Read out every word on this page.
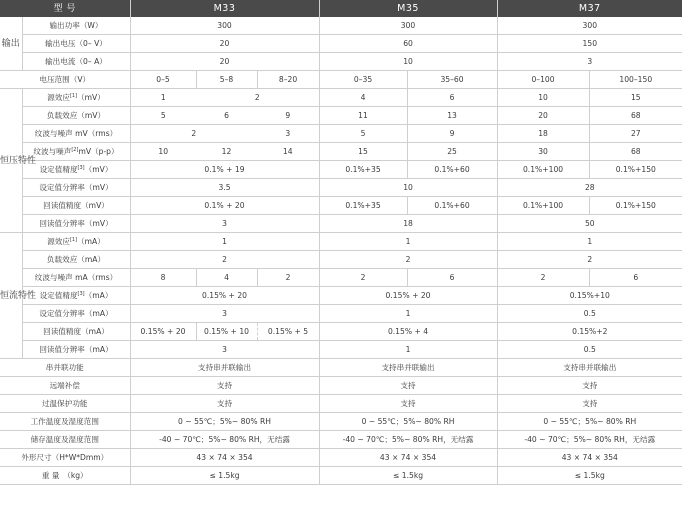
型 号		M33			M35		M37	
输出	输出功率（W）	300			300		300	
	输出电压（0– V）	20			60		150	
	输出电流（0– A）	20			10		3	
电压范围（V）		0–5	5–8	8–20	0–35	35–60	0–100	100–150
恒压特性	源效应[1]（mV）	1	2		4	6	10	15
	负载效应（mV）	5	6	9	11	13	20	68
	纹波与噪声 mV（rms）	2		3	5	9	18	27
	纹波与噪声[2]mV（p-p）	10	12	14	15	25	30	68
	设定值精度[3]（mV）	0.1% + 19			0.1%+35	0.1%+60	0.1%+100	0.1%+150
	设定值分辨率（mV）	3.5			10		28	
	回读值精度（mV）	0.1% + 20			0.1%+35	0.1%+60	0.1%+100	0.1%+150
	回读值分辨率（mV）	3			18		50	
恒流特性	源效应[1]（mA）	1			1		1	
	负载效应（mA）	2			2		2	
	纹波与噪声 mA（rms）	8	4	2	2	6	2	6
	设定值精度[3]（mA）	0.15% + 20			0.15% + 20		0.15%+10	
	设定值分辨率（mA）	3			1		0.5	
	回读值精度（mA）	0.15% + 20	0.15% + 10	0.15% + 5	0.15% + 4		0.15%+2	
	回读值分辨率（mA）	3			1		0.5	
串并联功能		支持串并联输出			支持串并联输出		支持串并联输出	
远端补偿		支持			支持		支持	
过温保护功能		支持			支持		支持	
工作温度及湿度范围		0 ~ 55℃；5%~ 80% RH			0 ~ 55℃；5%~ 80% RH		0 ~ 55℃；5%~ 80% RH	
储存温度及湿度范围		-40 ~ 70℃；5%~ 80% RH，无结露			-40 ~ 70℃；5%~ 80% RH，无结露		-40 ~ 70℃；5%~ 80% RH，无结露	
外形尺寸（H*W*Dmm）		43 × 74 × 354			43 × 74 × 354		43 × 74 × 354	
重 量　（kg）		≤ 1.5kg			≤ 1.5kg		≤ 1.5kg	
